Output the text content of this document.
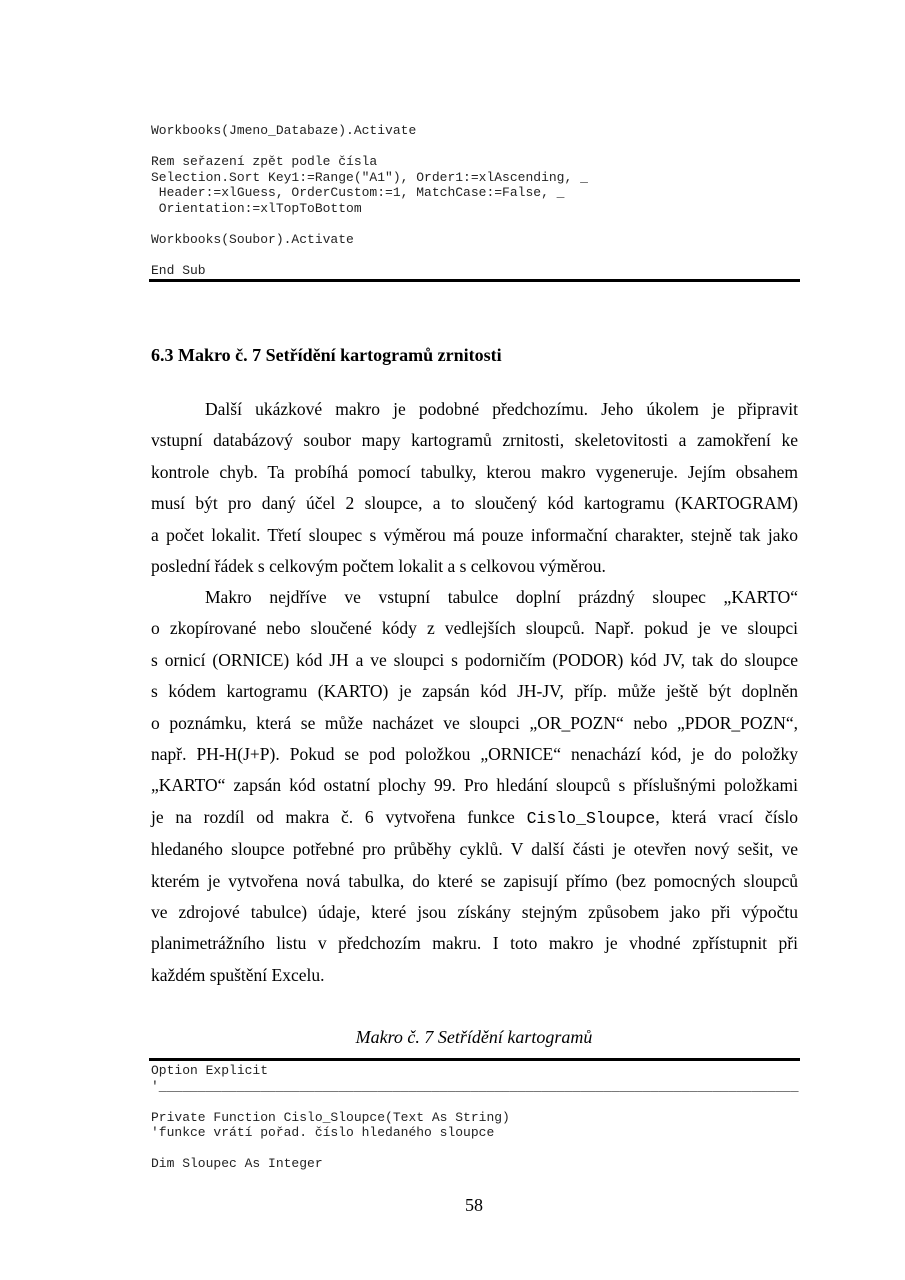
Workbooks(Jmeno_Databaze).Activate

Rem seřazení zpět podle čísla
Selection.Sort Key1:=Range("A1"), Order1:=xlAscending, _
Header:=xlGuess, OrderCustom:=1, MatchCase:=False, _
Orientation:=xlTopToBottom

Workbooks(Soubor).Activate

End Sub
6.3 Makro č. 7 Setřídění kartogramů zrnitosti
Další ukázkové makro je podobné předchozímu. Jeho úkolem je připravit
vstupní databázový soubor mapy kartogramů zrnitosti, skeletovitosti a zamokření ke
kontrole chyb. Ta probíhá pomocí tabulky, kterou makro vygeneruje. Jejím obsahem
musí být pro daný účel 2 sloupce, a to sloučený kód kartogramu (KARTOGRAM)
a počet lokalit. Třetí sloupec s výměrou má pouze informační charakter, stejně tak jako
poslední řádek s celkovým počtem lokalit a s celkovou výměrou.
Makro nejdříve ve vstupní tabulce doplní prázdný sloupec „KARTO“
o zkopírované nebo sloučené kódy z vedlejších sloupců. Např. pokud je ve sloupci
s ornicí (ORNICE) kód JH a ve sloupci s podorničím (PODOR) kód JV, tak do sloupce
s kódem kartogramu (KARTO) je zapsán kód JH-JV, příp. může ještě být doplněn
o poznámku, která se může nacházet ve sloupci „OR_POZN“ nebo „PDOR_POZN“,
např. PH-H(J+P). Pokud se pod položkou „ORNICE“ nenachází kód, je do položky
„KARTO“ zapsán kód ostatní plochy 99. Pro hledání sloupců s příslušnými položkami
je na rozdíl od makra č. 6 vytvořena funkce Cislo_Sloupce, která vrací číslo
hledaného sloupce potřebné pro průběhy cyklů. V další části je otevřen nový sešit, ve
kterém je vytvořena nová tabulka, do které se zapisují přímo (bez pomocných sloupců
ve zdrojové tabulce) údaje, které jsou získány stejným způsobem jako při výpočtu
planimetrážního listu v předchozím makru. I toto makro je vhodné zpřístupnit při
každém spuštění Excelu.

Makro č. 7 Setřídění kartogramů

Option Explicit
'__________________________________________________________________________________

Private Function Cislo_Sloupce(Text As String)
'funkce vrátí pořad. číslo hledaného sloupce

Dim Sloupec As Integer
58
